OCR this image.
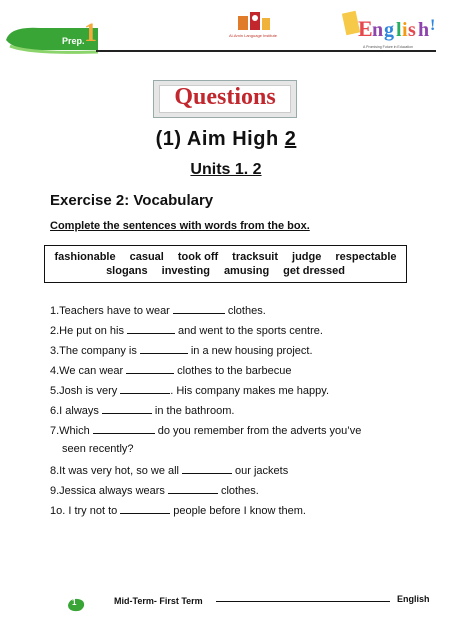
Prep. 1	Al-Amin Language Institute	E n g l i s h !
A Promising Future in Education
Questions
(1) Aim High 2
Units 1. 2
Exercise 2: Vocabulary
Complete the sentences with words from the box.
fashionable casual took off tracksuit judge respectable
slogans investing amusing get dressed
1.Teachers have to wear	clothes.
2.He put on his	and went to the sports centre.
3.The company is	in a new housing project.
4.We can wear	clothes to the barbecue
5.Josh is very	. His company makes me happy.
6.I always	in the bathroom.
7.Which	do you remember from the adverts you’ve
seen recently?
8.It was very hot, so we all	our jackets
9.Jessica always wears	clothes.
1o. I try not to	people before I know them.
1	Mid-Term- First Term	English
